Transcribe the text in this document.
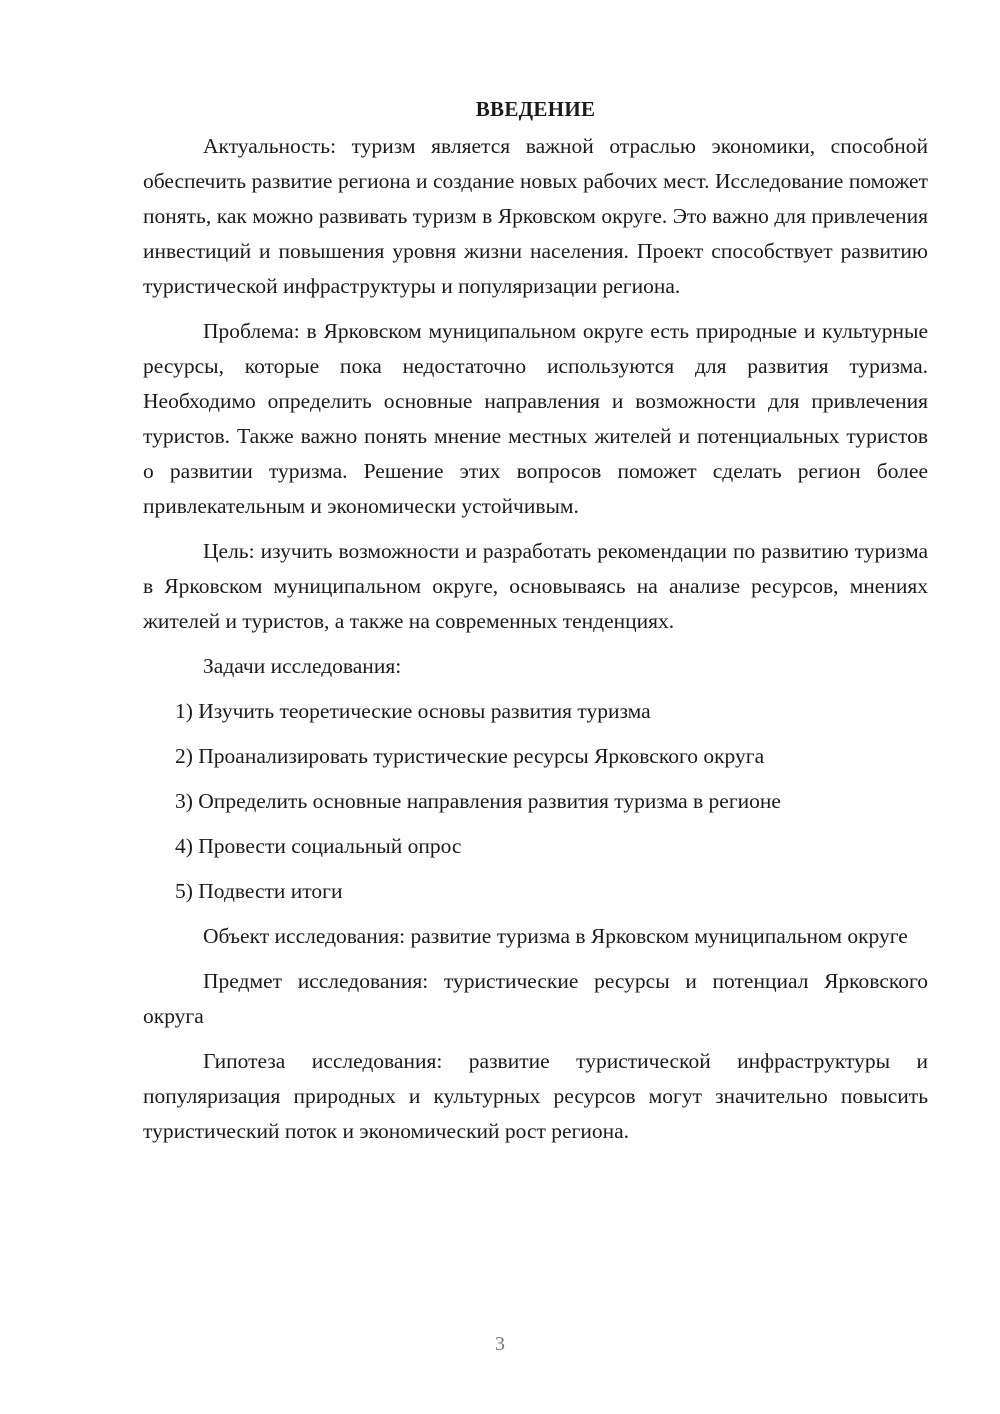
ВВЕДЕНИЕ

Актуальность: туризм является важной отраслью экономики, способной обеспечить развитие региона и создание новых рабочих мест. Исследование поможет понять, как можно развивать туризм в Ярковском округе. Это важно для привлечения инвестиций и повышения уровня жизни населения. Проект способствует развитию туристической инфраструктуры и популяризации региона.

Проблема: в Ярковском муниципальном округе есть природные и культурные ресурсы, которые пока недостаточно используются для развития туризма. Необходимо определить основные направления и возможности для привлечения туристов. Также важно понять мнение местных жителей и потенциальных туристов о развитии туризма. Решение этих вопросов поможет сделать регион более привлекательным и экономически устойчивым.

Цель: изучить возможности и разработать рекомендации по развитию туризма в Ярковском муниципальном округе, основываясь на анализе ресурсов, мнениях жителей и туристов, а также на современных тенденциях.

Задачи исследования:

1) Изучить теоретические основы развития туризма
2) Проанализировать туристические ресурсы Ярковского округа
3) Определить основные направления развития туризма в регионе
4) Провести социальный опрос
5) Подвести итоги

Объект исследования: развитие туризма в Ярковском муниципальном округе

Предмет исследования: туристические ресурсы и потенциал Ярковского округа

Гипотеза исследования: развитие туристической инфраструктуры и популяризация природных и культурных ресурсов могут значительно повысить туристический поток и экономический рост региона.

3
